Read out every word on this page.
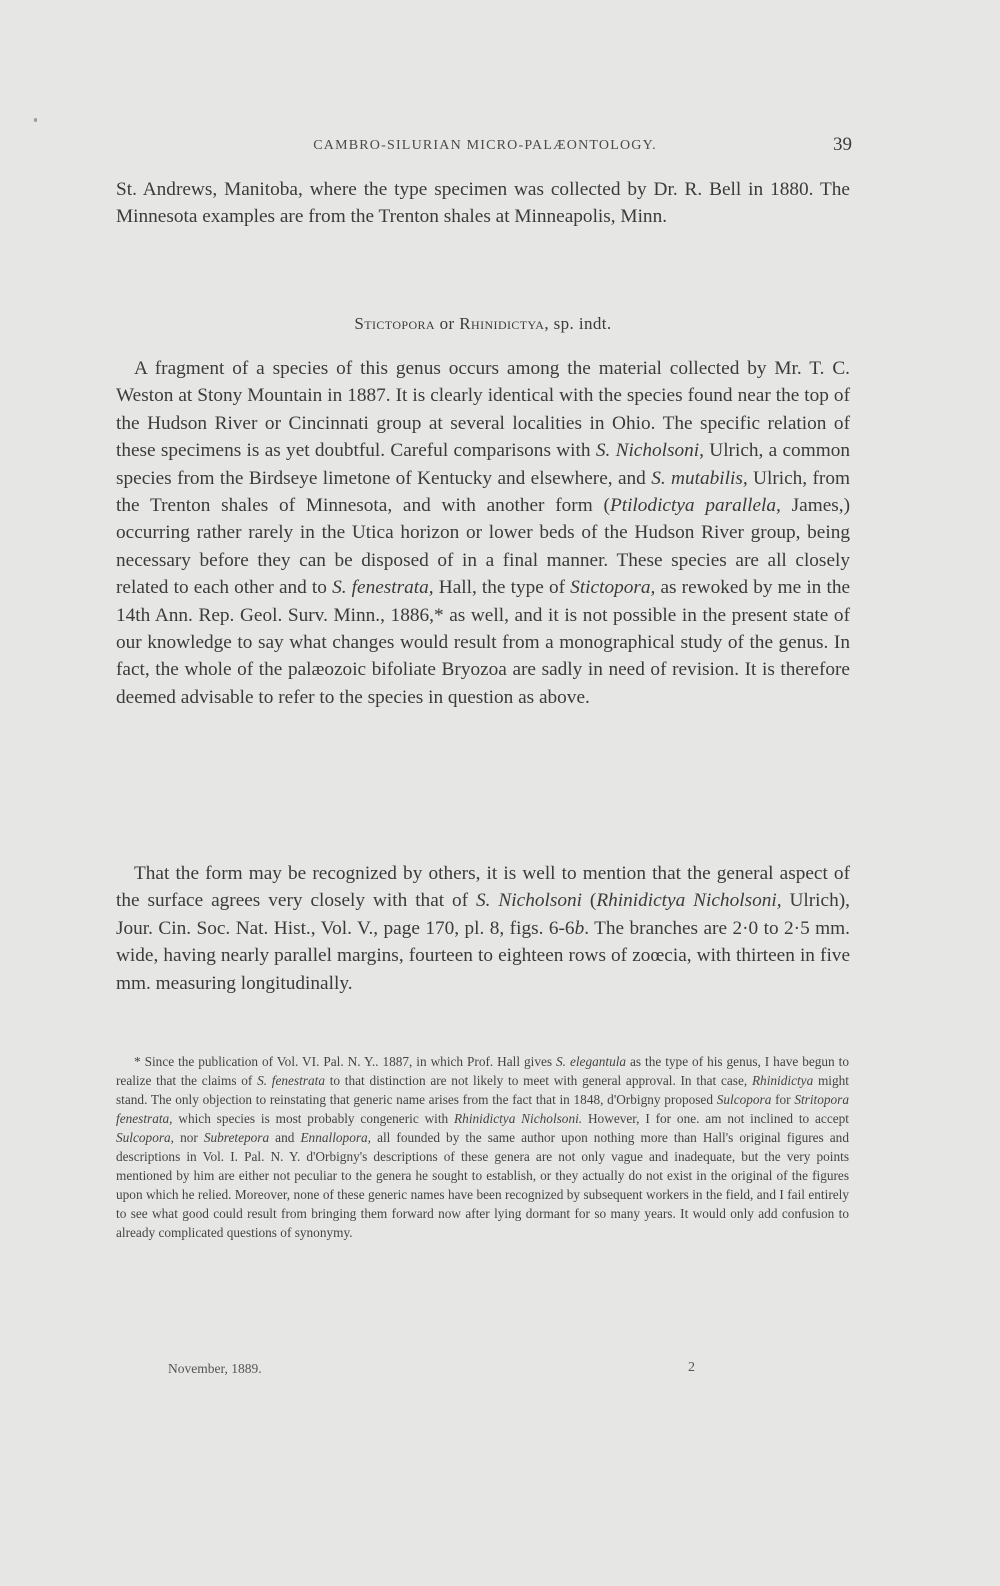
CAMBRO-SILURIAN MICRO-PALÆONTOLOGY.	39

St. Andrews, Manitoba, where the type specimen was collected by Dr. R. Bell in 1880. The Minnesota examples are from the Trenton shales at Minneapolis, Minn.

Stictopora or Rhinidictya, sp. indt.

A fragment of a species of this genus occurs among the material collected by Mr. T. C. Weston at Stony Mountain in 1887. It is clearly identical with the species found near the top of the Hudson River or Cincinnati group at several localities in Ohio. The specific relation of these specimens is as yet doubtful. Careful comparisons with S. Nicholsoni, Ulrich, a common species from the Birdseye limetone of Kentucky and elsewhere, and S. mutabilis, Ulrich, from the Trenton shales of Minnesota, and with another form (Ptilodictya parallela, James,) occurring rather rarely in the Utica horizon or lower beds of the Hudson River group, being necessary before they can be disposed of in a final manner. These species are all closely related to each other and to S. fenestrata, Hall, the type of Stictopora, as rewoked by me in the 14th Ann. Rep. Geol. Surv. Minn., 1886,* as well, and it is not possible in the present state of our knowledge to say what changes would result from a monographical study of the genus. In fact, the whole of the palæozoic bifoliate Bryozoa are sadly in need of revision. It is therefore deemed advisable to refer to the species in question as above.

That the form may be recognized by others, it is well to mention that the general aspect of the surface agrees very closely with that of S. Nicholsoni (Rhinidictya Nicholsoni, Ulrich), Jour. Cin. Soc. Nat. Hist., Vol. V., page 170, pl. 8, figs. 6-6b. The branches are 2·0 to 2·5 mm. wide, having nearly parallel margins, fourteen to eighteen rows of zoœcia, with thirteen in five mm. measuring longitudinally.

* Since the publication of Vol. VI. Pal. N. Y.. 1887, in which Prof. Hall gives S. elegantula as the type of his genus, I have begun to realize that the claims of S. fenestrata to that distinction are not likely to meet with general approval. In that case, Rhinidictya might stand. The only objection to reinstating that generic name arises from the fact that in 1848, d'Orbigny proposed Sulcopora for Stritopora fenestrata, which species is most probably congeneric with Rhinidictya Nicholsoni. However, I for one. am not inclined to accept Sulcopora, nor Subretepora and Ennallopora, all founded by the same author upon nothing more than Hall's original figures and descriptions in Vol. I. Pal. N. Y. d'Orbigny's descriptions of these genera are not only vague and inadequate, but the very points mentioned by him are either not peculiar to the genera he sought to establish, or they actually do not exist in the original of the figures upon which he relied. Moreover, none of these generic names have been recognized by subsequent workers in the field, and I fail entirely to see what good could result from bringing them forward now after lying dormant for so many years. It would only add confusion to already complicated questions of synonymy.

November, 1889.	2
